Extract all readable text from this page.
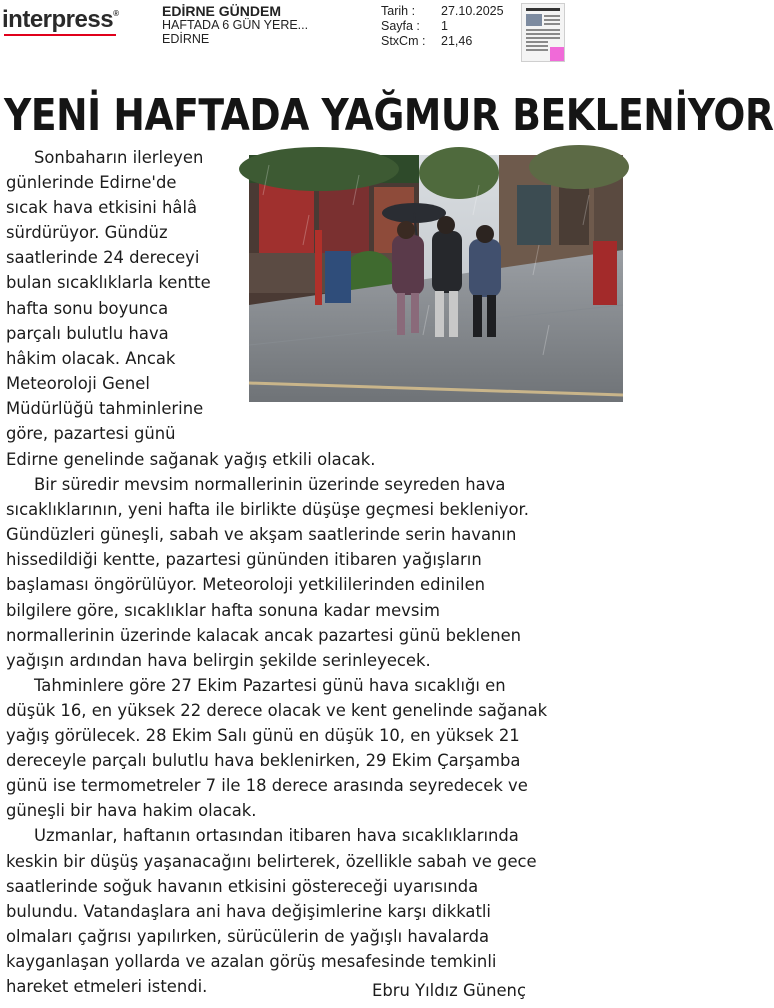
interpress®	EDİRNE GÜNDEM
HAFTADA 6 GÜN YERE...
EDİRNE
Tarih :	27.10.2025
Sayfa :	1
StxCm :	21,46
YENİ HAFTADA YAĞMUR BEKLENİYOR

Sonbaharın ilerleyen

günlerinde Edirne'de

sıcak hava etkisini hâlâ

sürdürüyor. Gündüz

saatlerinde 24 dereceyi

bulan sıcaklıklarla kentte

hafta sonu boyunca

parçalı bulutlu hava

hâkim olacak. Ancak

Meteoroloji Genel

Müdürlüğü tahminlerine

göre, pazartesi günü

Edirne genelinde sağanak yağış etkili olacak.

Bir süredir mevsim normallerinin üzerinde seyreden hava

sıcaklıklarının, yeni hafta ile birlikte düşüşe geçmesi bekleniyor.

Gündüzleri güneşli, sabah ve akşam saatlerinde serin havanın

hissedildiği kentte, pazartesi gününden itibaren yağışların

başlaması öngörülüyor. Meteoroloji yetkililerinden edinilen

bilgilere göre, sıcaklıklar hafta sonuna kadar mevsim

normallerinin üzerinde kalacak ancak pazartesi günü beklenen

yağışın ardından hava belirgin şekilde serinleyecek.

Tahminlere göre 27 Ekim Pazartesi günü hava sıcaklığı en

düşük 16, en yüksek 22 derece olacak ve kent genelinde sağanak

yağış görülecek. 28 Ekim Salı günü en düşük 10, en yüksek 21

dereceyle parçalı bulutlu hava beklenirken, 29 Ekim Çarşamba

günü ise termometreler 7 ile 18 derece arasında seyredecek ve

güneşli bir hava hakim olacak.

Uzmanlar, haftanın ortasından itibaren hava sıcaklıklarında

keskin bir düşüş yaşanacağını belirterek, özellikle sabah ve gece

saatlerinde soğuk havanın etkisini göstereceği uyarısında

bulundu. Vatandaşlara ani hava değişimlerine karşı dikkatli

olmaları çağrısı yapılırken, sürücülerin de yağışlı havalarda

kayganlaşan yollarda ve azalan görüş mesafesinde temkinli

hareket etmeleri istendi.	Ebru Yıldız Günenç
